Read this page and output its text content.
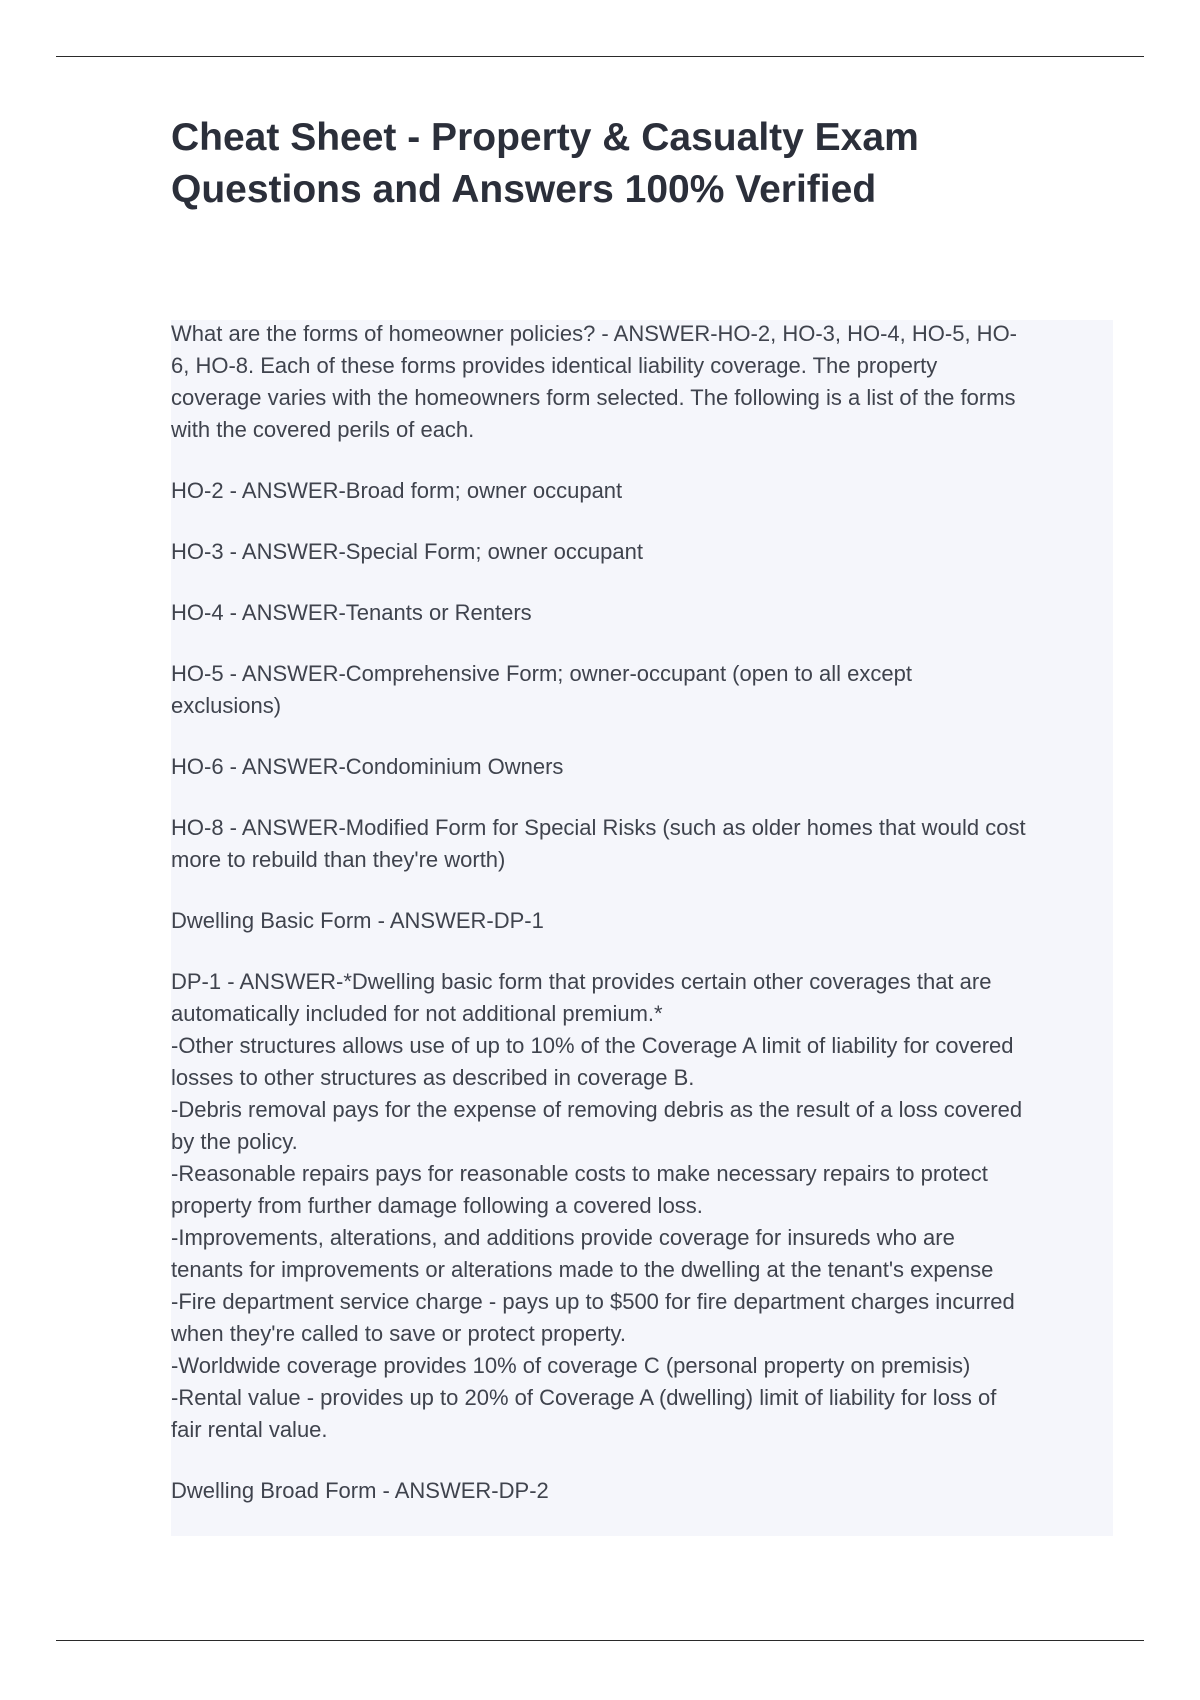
Cheat Sheet - Property & Casualty Exam
Questions and Answers 100% Verified
What are the forms of homeowner policies? - ANSWER-HO-2, HO-3, HO-4, HO-5, HO-
6, HO-8. Each of these forms provides identical liability coverage. The property
coverage varies with the homeowners form selected. The following is a list of the forms
with the covered perils of each.
HO-2 - ANSWER-Broad form; owner occupant
HO-3 - ANSWER-Special Form; owner occupant
HO-4 - ANSWER-Tenants or Renters
HO-5 - ANSWER-Comprehensive Form; owner-occupant (open to all except
exclusions)
HO-6 - ANSWER-Condominium Owners
HO-8 - ANSWER-Modified Form for Special Risks (such as older homes that would cost
more to rebuild than they're worth)
Dwelling Basic Form - ANSWER-DP-1
DP-1 - ANSWER-*Dwelling basic form that provides certain other coverages that are
automatically included for not additional premium.*
-Other structures allows use of up to 10% of the Coverage A limit of liability for covered
losses to other structures as described in coverage B.
-Debris removal pays for the expense of removing debris as the result of a loss covered
by the policy.
-Reasonable repairs pays for reasonable costs to make necessary repairs to protect
property from further damage following a covered loss.
-Improvements, alterations, and additions provide coverage for insureds who are
tenants for improvements or alterations made to the dwelling at the tenant's expense
-Fire department service charge - pays up to $500 for fire department charges incurred
when they're called to save or protect property.
-Worldwide coverage provides 10% of coverage C (personal property on premisis)
-Rental value - provides up to 20% of Coverage A (dwelling) limit of liability for loss of
fair rental value.
Dwelling Broad Form - ANSWER-DP-2
